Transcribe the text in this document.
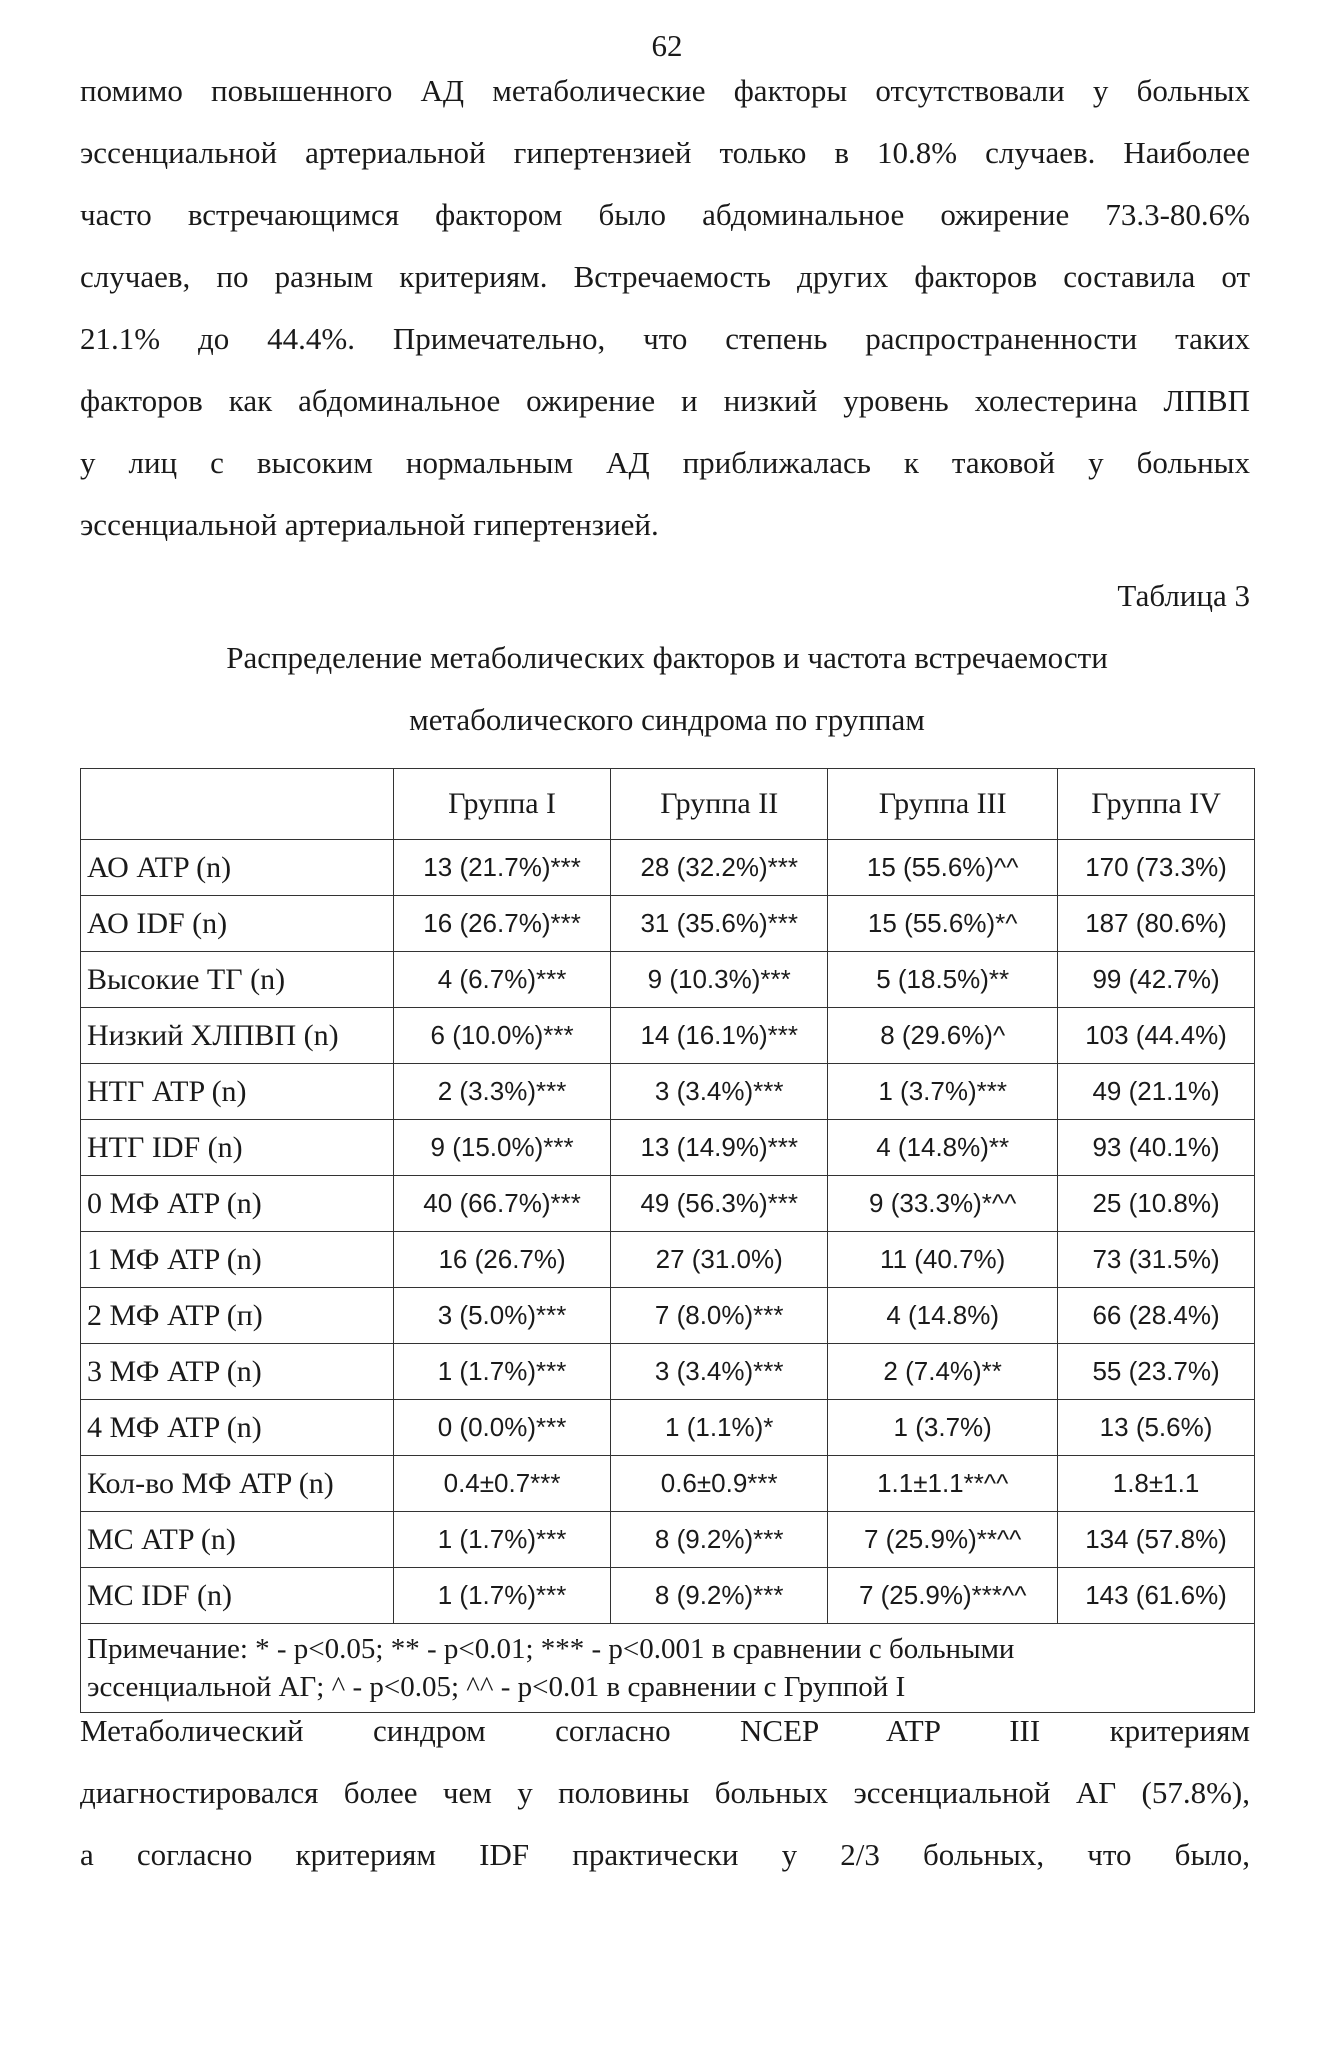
62
помимо повышенного АД метаболические факторы отсутствовали у больных
эссенциальной артериальной гипертензией только в 10.8% случаев. Наиболее
часто встречающимся фактором было абдоминальное ожирение 73.3-80.6%
случаев, по разным критериям. Встречаемость других факторов составила от
21.1% до 44.4%. Примечательно, что степень распространенности таких
факторов как абдоминальное ожирение и низкий уровень холестерина ЛПВП
у лиц с высоким нормальным АД приближалась к таковой у больных
эссенциальной артериальной гипертензией.
Таблица 3
Распределение метаболических факторов и частота встречаемости
метаболического синдрома по группам
	Группа I	Группа II	Группа III	Группа IV
АО ATP (n)	13 (21.7%)***	28 (32.2%)***	15 (55.6%)^^	170 (73.3%)
АО IDF (n)	16 (26.7%)***	31 (35.6%)***	15 (55.6%)*^	187 (80.6%)
Высокие ТГ (n)	4 (6.7%)***	9 (10.3%)***	5 (18.5%)**	99 (42.7%)
Низкий ХЛПВП (n)	6 (10.0%)***	14 (16.1%)***	8 (29.6%)^	103 (44.4%)
НТГ ATP (n)	2 (3.3%)***	3 (3.4%)***	1 (3.7%)***	49 (21.1%)
НТГ IDF (n)	9 (15.0%)***	13 (14.9%)***	4 (14.8%)**	93 (40.1%)
0 МФ ATP (n)	40 (66.7%)***	49 (56.3%)***	9 (33.3%)*^^	25 (10.8%)
1 МФ ATP (n)	16 (26.7%)	27 (31.0%)	11 (40.7%)	73 (31.5%)
2 МФ ATP (п)	3 (5.0%)***	7 (8.0%)***	4 (14.8%)	66 (28.4%)
3 МФ ATP (n)	1 (1.7%)***	3 (3.4%)***	2 (7.4%)**	55 (23.7%)
4 МФ ATP (n)	0 (0.0%)***	1 (1.1%)*	1 (3.7%)	13 (5.6%)
Кол-во МФ ATP (n)	0.4±0.7***	0.6±0.9***	1.1±1.1**^^	1.8±1.1
МС ATP (n)	1 (1.7%)***	8 (9.2%)***	7 (25.9%)**^^	134 (57.8%)
МС IDF (n)	1 (1.7%)***	8 (9.2%)***	7 (25.9%)***^^	143 (61.6%)

Примечание: * - p<0.05; ** - p<0.01; *** - p<0.001 в сравнении с больными
эссенциальной АГ; ^ - p<0.05; ^^ - p<0.01 в сравнении с Группой I				
Метаболический синдром согласно NCEP ATP III критериям
диагностировался более чем у половины больных эссенциальной АГ (57.8%),
а согласно критериям IDF практически у 2/3 больных, что было,
